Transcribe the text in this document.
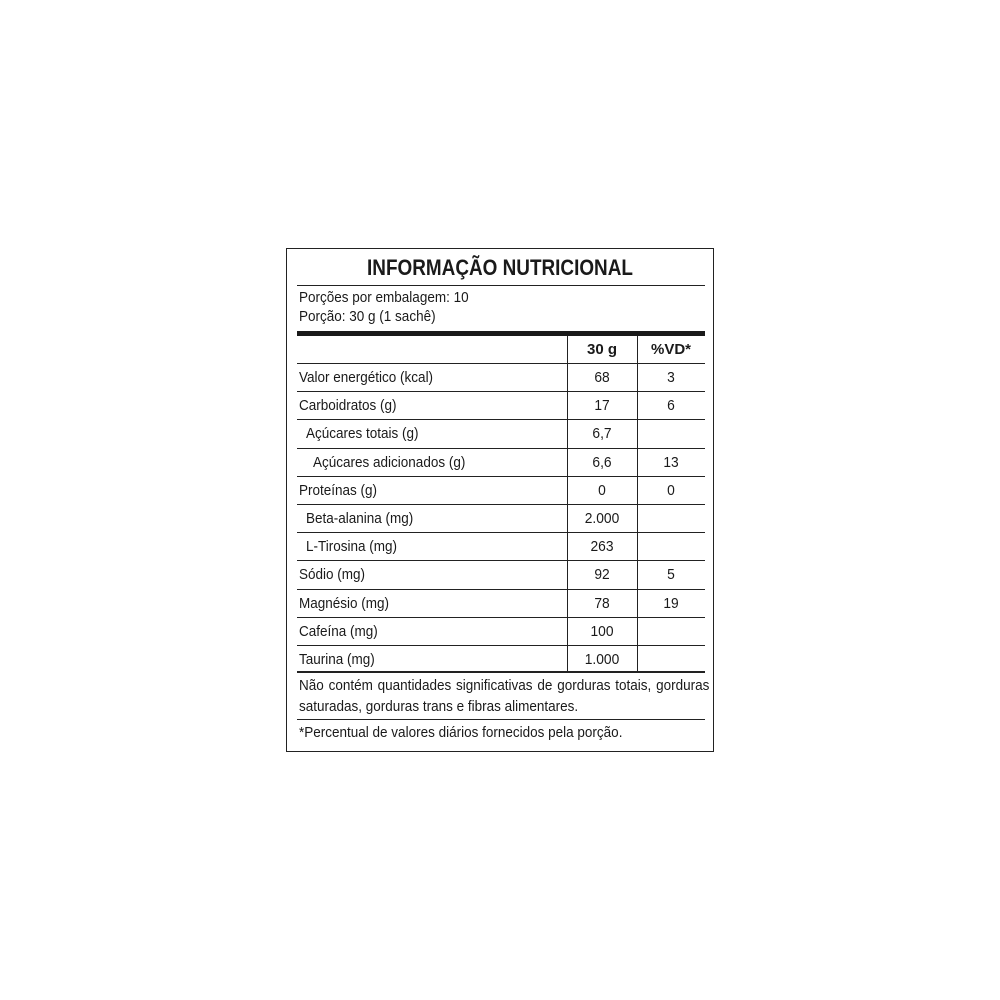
INFORMAÇÃO NUTRICIONAL
Porções por embalagem: 10
Porção: 30 g (1 sachê)
30 g	%VD*
Valor energético (kcal)	68	3
Carboidratos (g)	17	6
Açúcares totais (g)	6,7
Açúcares adicionados (g)	6,6	13
Proteínas (g)	0	0
Beta-alanina (mg)	2.000
L-Tirosina (mg)	263
Sódio (mg)	92	5
Magnésio (mg)	78	19
Cafeína (mg)	100
Taurina (mg)	1.000
Não contém quantidades significativas de gorduras totais, gorduras saturadas, gorduras trans e fibras alimentares.
*Percentual de valores diários fornecidos pela porção.
